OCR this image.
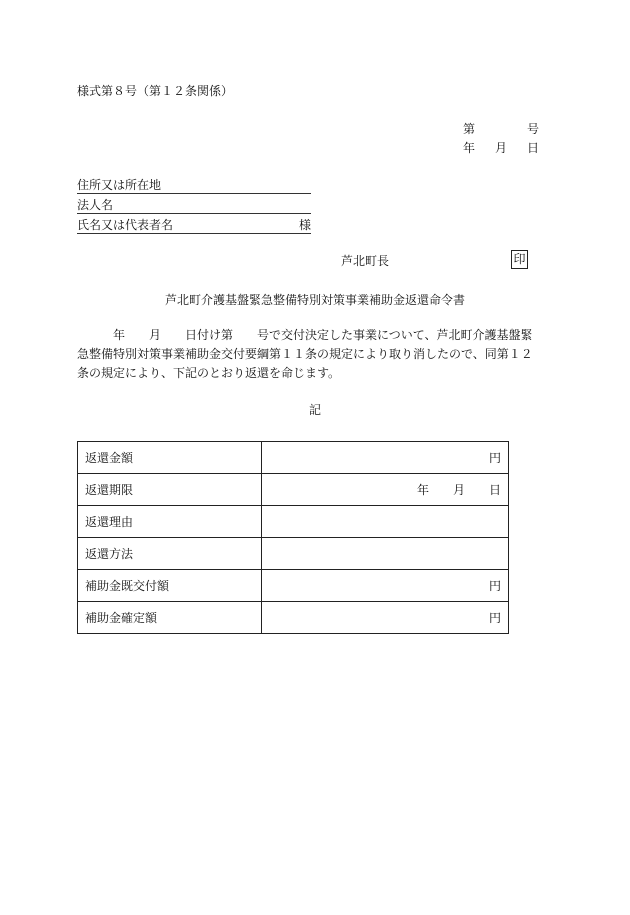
様式第８号（第１２条関係）
第	号
年 月 日
住所又は所在地
法人名
氏名又は代表者名	様
芦北町長	印
芦北町介護基盤緊急整備特別対策事業補助金返還命令書
　　　年　　月　　日付け第　　号で交付決定した事業について、芦北町介護基盤緊
急整備特別対策事業補助金交付要綱第１１条の規定により取り消したので、同第１２
条の規定により、下記のとおり返還を命じます。
記
返還金額	円
返還期限	年　　月　　日
返還理由	
返還方法	
補助金既交付額	円
補助金確定額	円
